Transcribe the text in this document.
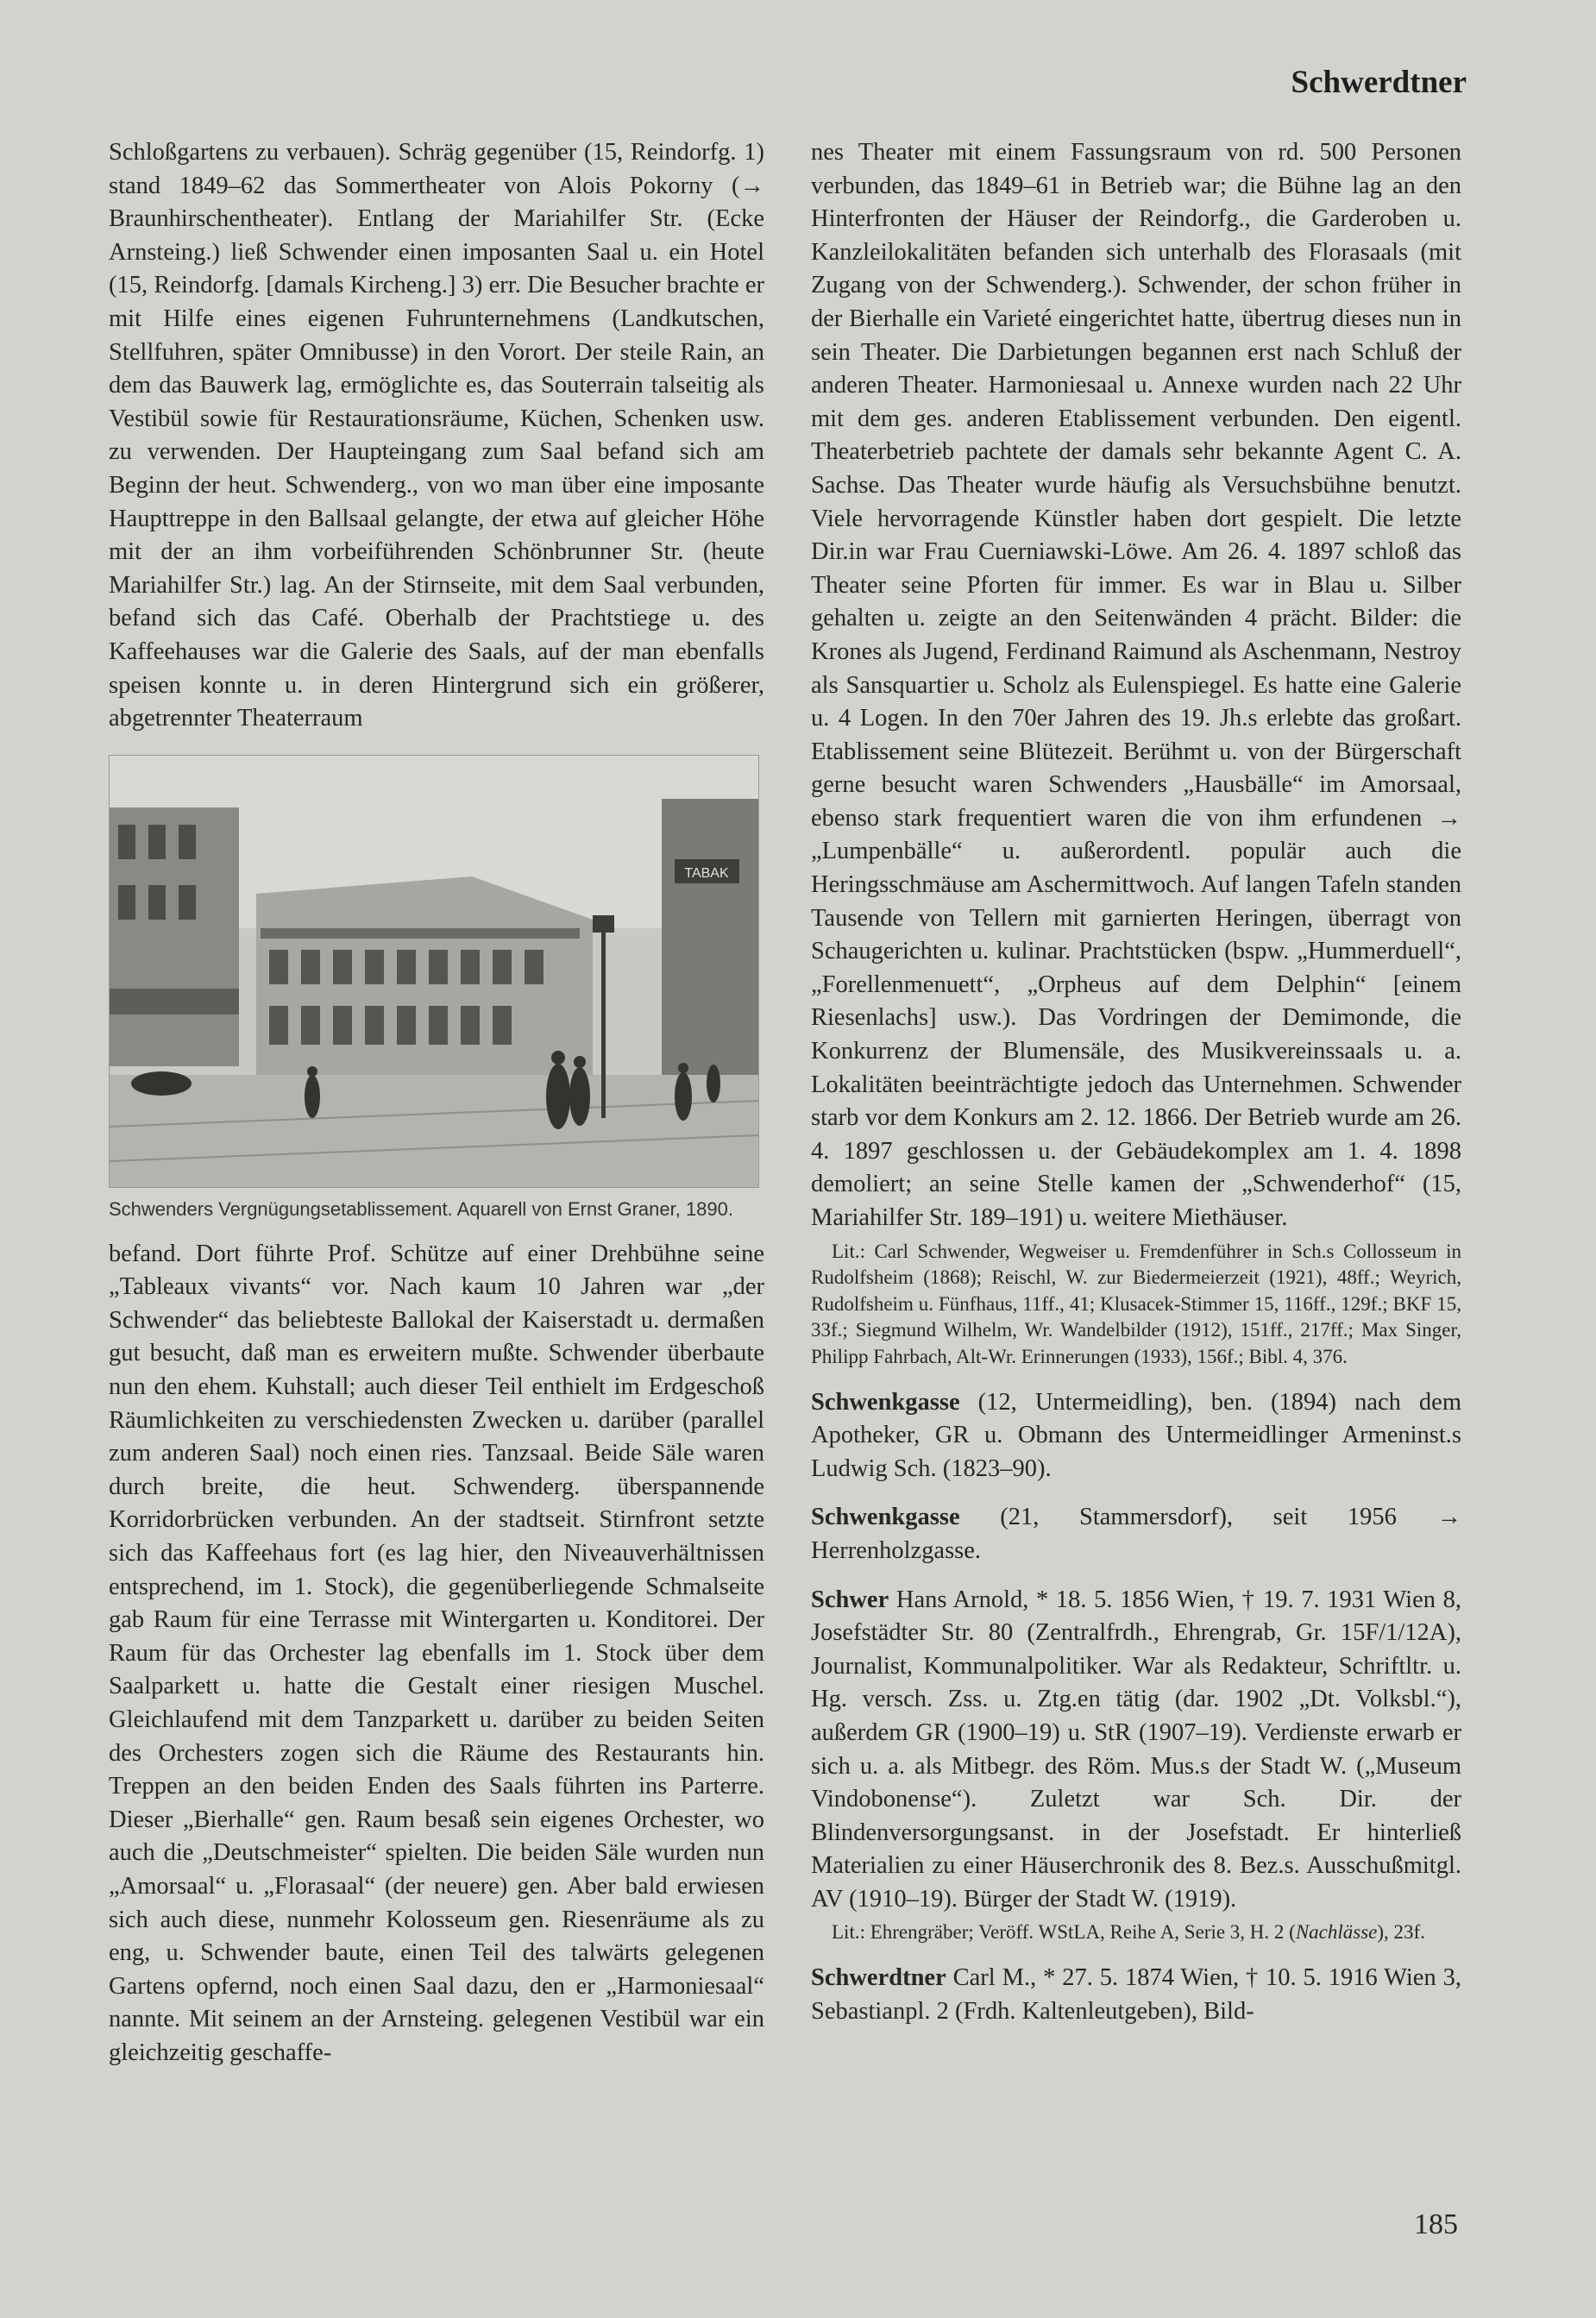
Schwerdtner

Schloßgartens zu verbauen). Schräg gegenüber (15, Reindorfg. 1) stand 1849–62 das Sommertheater von Alois Pokorny (→ Braunhirschentheater). Entlang der Mariahilfer Str. (Ecke Arnsteing.) ließ Schwender einen imposanten Saal u. ein Hotel (15, Reindorfg. [damals Kircheng.] 3) err. Die Besucher brachte er mit Hilfe eines eigenen Fuhrunternehmens (Landkutschen, Stellfuhren, später Omnibusse) in den Vorort. Der steile Rain, an dem das Bauwerk lag, ermöglichte es, das Souterrain talseitig als Vestibül sowie für Restaurationsräume, Küchen, Schenken usw. zu verwenden. Der Haupteingang zum Saal befand sich am Beginn der heut. Schwenderg., von wo man über eine imposante Haupttreppe in den Ballsaal gelangte, der etwa auf gleicher Höhe mit der an ihm vorbeiführenden Schönbrunner Str. (heute Mariahilfer Str.) lag. An der Stirnseite, mit dem Saal verbunden, befand sich das Café. Oberhalb der Prachtstiege u. des Kaffeehauses war die Galerie des Saals, auf der man ebenfalls speisen konnte u. in deren Hintergrund sich ein größerer, abgetrennter Theaterraum

TABAK

Schwenders Vergnügungsetablissement. Aquarell von Ernst Graner, 1890.

befand. Dort führte Prof. Schütze auf einer Drehbühne seine „Tableaux vivants“ vor. Nach kaum 10 Jahren war „der Schwender“ das beliebteste Ballokal der Kaiserstadt u. dermaßen gut besucht, daß man es erweitern mußte. Schwender überbaute nun den ehem. Kuhstall; auch dieser Teil enthielt im Erdgeschoß Räumlichkeiten zu verschiedensten Zwecken u. darüber (parallel zum anderen Saal) noch einen ries. Tanzsaal. Beide Säle waren durch breite, die heut. Schwenderg. überspannende Korridorbrücken verbunden. An der stadtseit. Stirnfront setzte sich das Kaffeehaus fort (es lag hier, den Niveauverhältnissen entsprechend, im 1. Stock), die gegenüberliegende Schmalseite gab Raum für eine Terrasse mit Wintergarten u. Konditorei. Der Raum für das Orchester lag ebenfalls im 1. Stock über dem Saalparkett u. hatte die Gestalt einer riesigen Muschel. Gleichlaufend mit dem Tanzparkett u. darüber zu beiden Seiten des Orchesters zogen sich die Räume des Restaurants hin. Treppen an den beiden Enden des Saals führten ins Parterre. Dieser „Bierhalle“ gen. Raum besaß sein eigenes Orchester, wo auch die „Deutschmeister“ spielten. Die beiden Säle wurden nun „Amorsaal“ u. „Florasaal“ (der neuere) gen. Aber bald erwiesen sich auch diese, nunmehr Kolosseum gen. Riesenräume als zu eng, u. Schwender baute, einen Teil des talwärts gelegenen Gartens opfernd, noch einen Saal dazu, den er „Harmoniesaal“ nannte. Mit seinem an der Arnsteing. gelegenen Vestibül war ein gleichzeitig geschaffe-

nes Theater mit einem Fassungsraum von rd. 500 Personen verbunden, das 1849–61 in Betrieb war; die Bühne lag an den Hinterfronten der Häuser der Reindorfg., die Garderoben u. Kanzleilokalitäten befanden sich unterhalb des Florasaals (mit Zugang von der Schwenderg.). Schwender, der schon früher in der Bierhalle ein Varieté eingerichtet hatte, übertrug dieses nun in sein Theater. Die Darbietungen begannen erst nach Schluß der anderen Theater. Harmoniesaal u. Annexe wurden nach 22 Uhr mit dem ges. anderen Etablissement verbunden. Den eigentl. Theaterbetrieb pachtete der damals sehr bekannte Agent C. A. Sachse. Das Theater wurde häufig als Versuchsbühne benutzt. Viele hervorragende Künstler haben dort gespielt. Die letzte Dir.in war Frau Cuerniawski-Löwe. Am 26. 4. 1897 schloß das Theater seine Pforten für immer. Es war in Blau u. Silber gehalten u. zeigte an den Seitenwänden 4 prächt. Bilder: die Krones als Jugend, Ferdinand Raimund als Aschenmann, Nestroy als Sansquartier u. Scholz als Eulenspiegel. Es hatte eine Galerie u. 4 Logen. In den 70er Jahren des 19. Jh.s erlebte das großart. Etablissement seine Blütezeit. Berühmt u. von der Bürgerschaft gerne besucht waren Schwenders „Hausbälle“ im Amorsaal, ebenso stark frequentiert waren die von ihm erfundenen → „Lumpenbälle“ u. außerordentl. populär auch die Heringsschmäuse am Aschermittwoch. Auf langen Tafeln standen Tausende von Tellern mit garnierten Heringen, überragt von Schaugerichten u. kulinar. Prachtstücken (bspw. „Hummerduell“, „Forellenmenuett“, „Orpheus auf dem Delphin“ [einem Riesenlachs] usw.). Das Vordringen der Demimonde, die Konkurrenz der Blumensäle, des Musikvereinssaals u. a. Lokalitäten beeinträchtigte jedoch das Unternehmen. Schwender starb vor dem Konkurs am 2. 12. 1866. Der Betrieb wurde am 26. 4. 1897 geschlossen u. der Gebäudekomplex am 1. 4. 1898 demoliert; an seine Stelle kamen der „Schwenderhof“ (15, Mariahilfer Str. 189–191) u. weitere Miethäuser.

Lit.: Carl Schwender, Wegweiser u. Fremdenführer in Sch.s Collosseum in Rudolfsheim (1868); Reischl, W. zur Biedermeierzeit (1921), 48ff.; Weyrich, Rudolfsheim u. Fünfhaus, 11ff., 41; Klusacek-Stimmer 15, 116ff., 129f.; BKF 15, 33f.; Siegmund Wilhelm, Wr. Wandelbilder (1912), 151ff., 217ff.; Max Singer, Philipp Fahrbach, Alt-Wr. Erinnerungen (1933), 156f.; Bibl. 4, 376.

Schwenkgasse (12, Untermeidling), ben. (1894) nach dem Apotheker, GR u. Obmann des Untermeidlinger Armeninst.s Ludwig Sch. (1823–90).

Schwenkgasse (21, Stammersdorf), seit 1956 → Herrenholzgasse.

Schwer Hans Arnold, * 18. 5. 1856 Wien, † 19. 7. 1931 Wien 8, Josefstädter Str. 80 (Zentralfrdh., Ehrengrab, Gr. 15F/1/12A), Journalist, Kommunalpolitiker. War als Redakteur, Schriftltr. u. Hg. versch. Zss. u. Ztg.en tätig (dar. 1902 „Dt. Volksbl.“), außerdem GR (1900–19) u. StR (1907–19). Verdienste erwarb er sich u. a. als Mitbegr. des Röm. Mus.s der Stadt W. („Museum Vindobonense“). Zuletzt war Sch. Dir. der Blindenversorgungsanst. in der Josefstadt. Er hinterließ Materialien zu einer Häuserchronik des 8. Bez.s. Ausschußmitgl. AV (1910–19). Bürger der Stadt W. (1919).

Lit.: Ehrengräber; Veröff. WStLA, Reihe A, Serie 3, H. 2 (Nachlässe), 23f.

Schwerdtner Carl M., * 27. 5. 1874 Wien, † 10. 5. 1916 Wien 3, Sebastianpl. 2 (Frdh. Kaltenleutgeben), Bild-

185
